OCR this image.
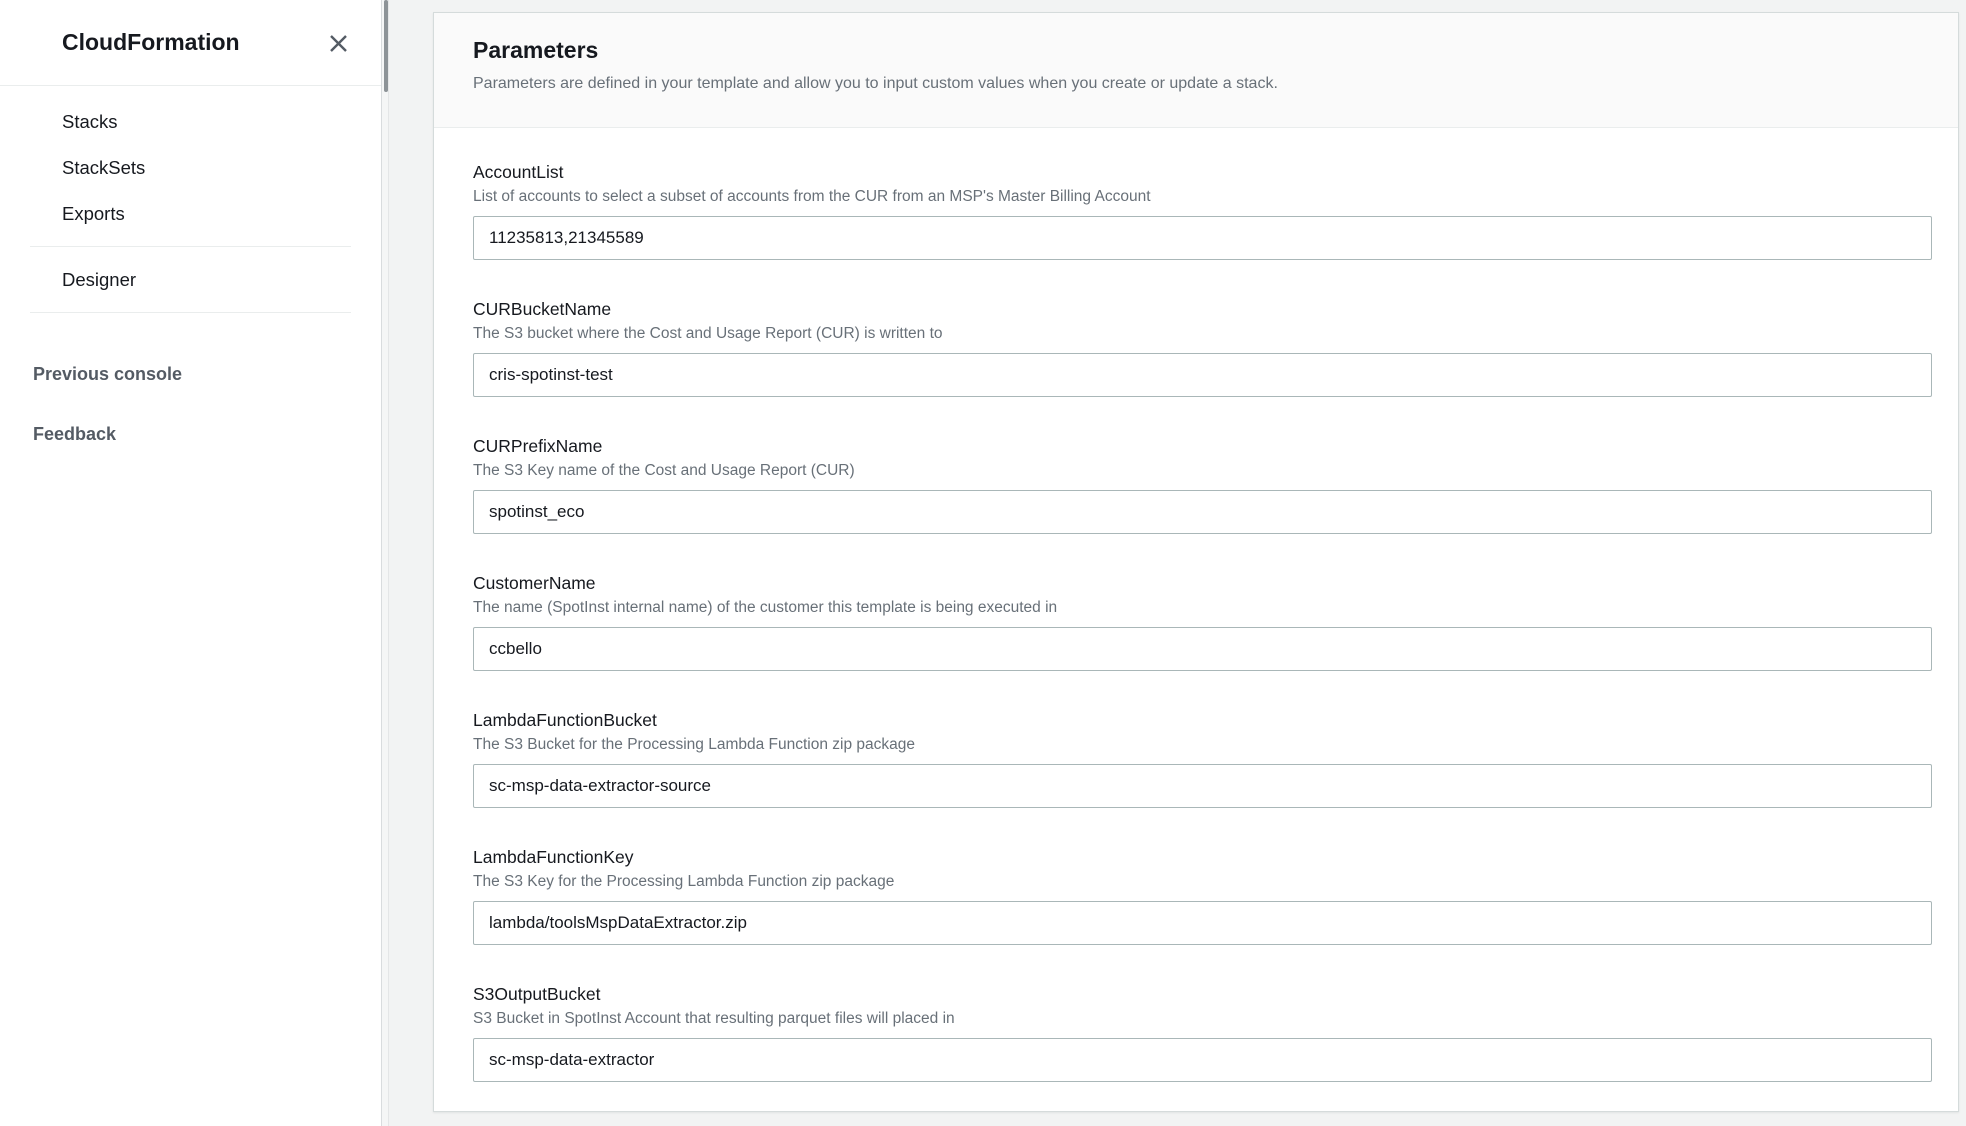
CloudFormation
Stacks
StackSets
Exports
Designer
Previous console
Feedback
Parameters

Parameters are defined in your template and allow you to input custom values when you create or update a stack.

AccountList
List of accounts to select a subset of accounts from the CUR from an MSP's Master Billing Account
11235813,21345589
CURBucketName
The S3 bucket where the Cost and Usage Report (CUR) is written to
cris-spotinst-test
CURPrefixName
The S3 Key name of the Cost and Usage Report (CUR)
spotinst_eco
CustomerName
The name (SpotInst internal name) of the customer this template is being executed in
ccbello
LambdaFunctionBucket
The S3 Bucket for the Processing Lambda Function zip package
sc-msp-data-extractor-source
LambdaFunctionKey
The S3 Key for the Processing Lambda Function zip package
lambda/toolsMspDataExtractor.zip
S3OutputBucket
S3 Bucket in SpotInst Account that resulting parquet files will placed in
sc-msp-data-extractor
